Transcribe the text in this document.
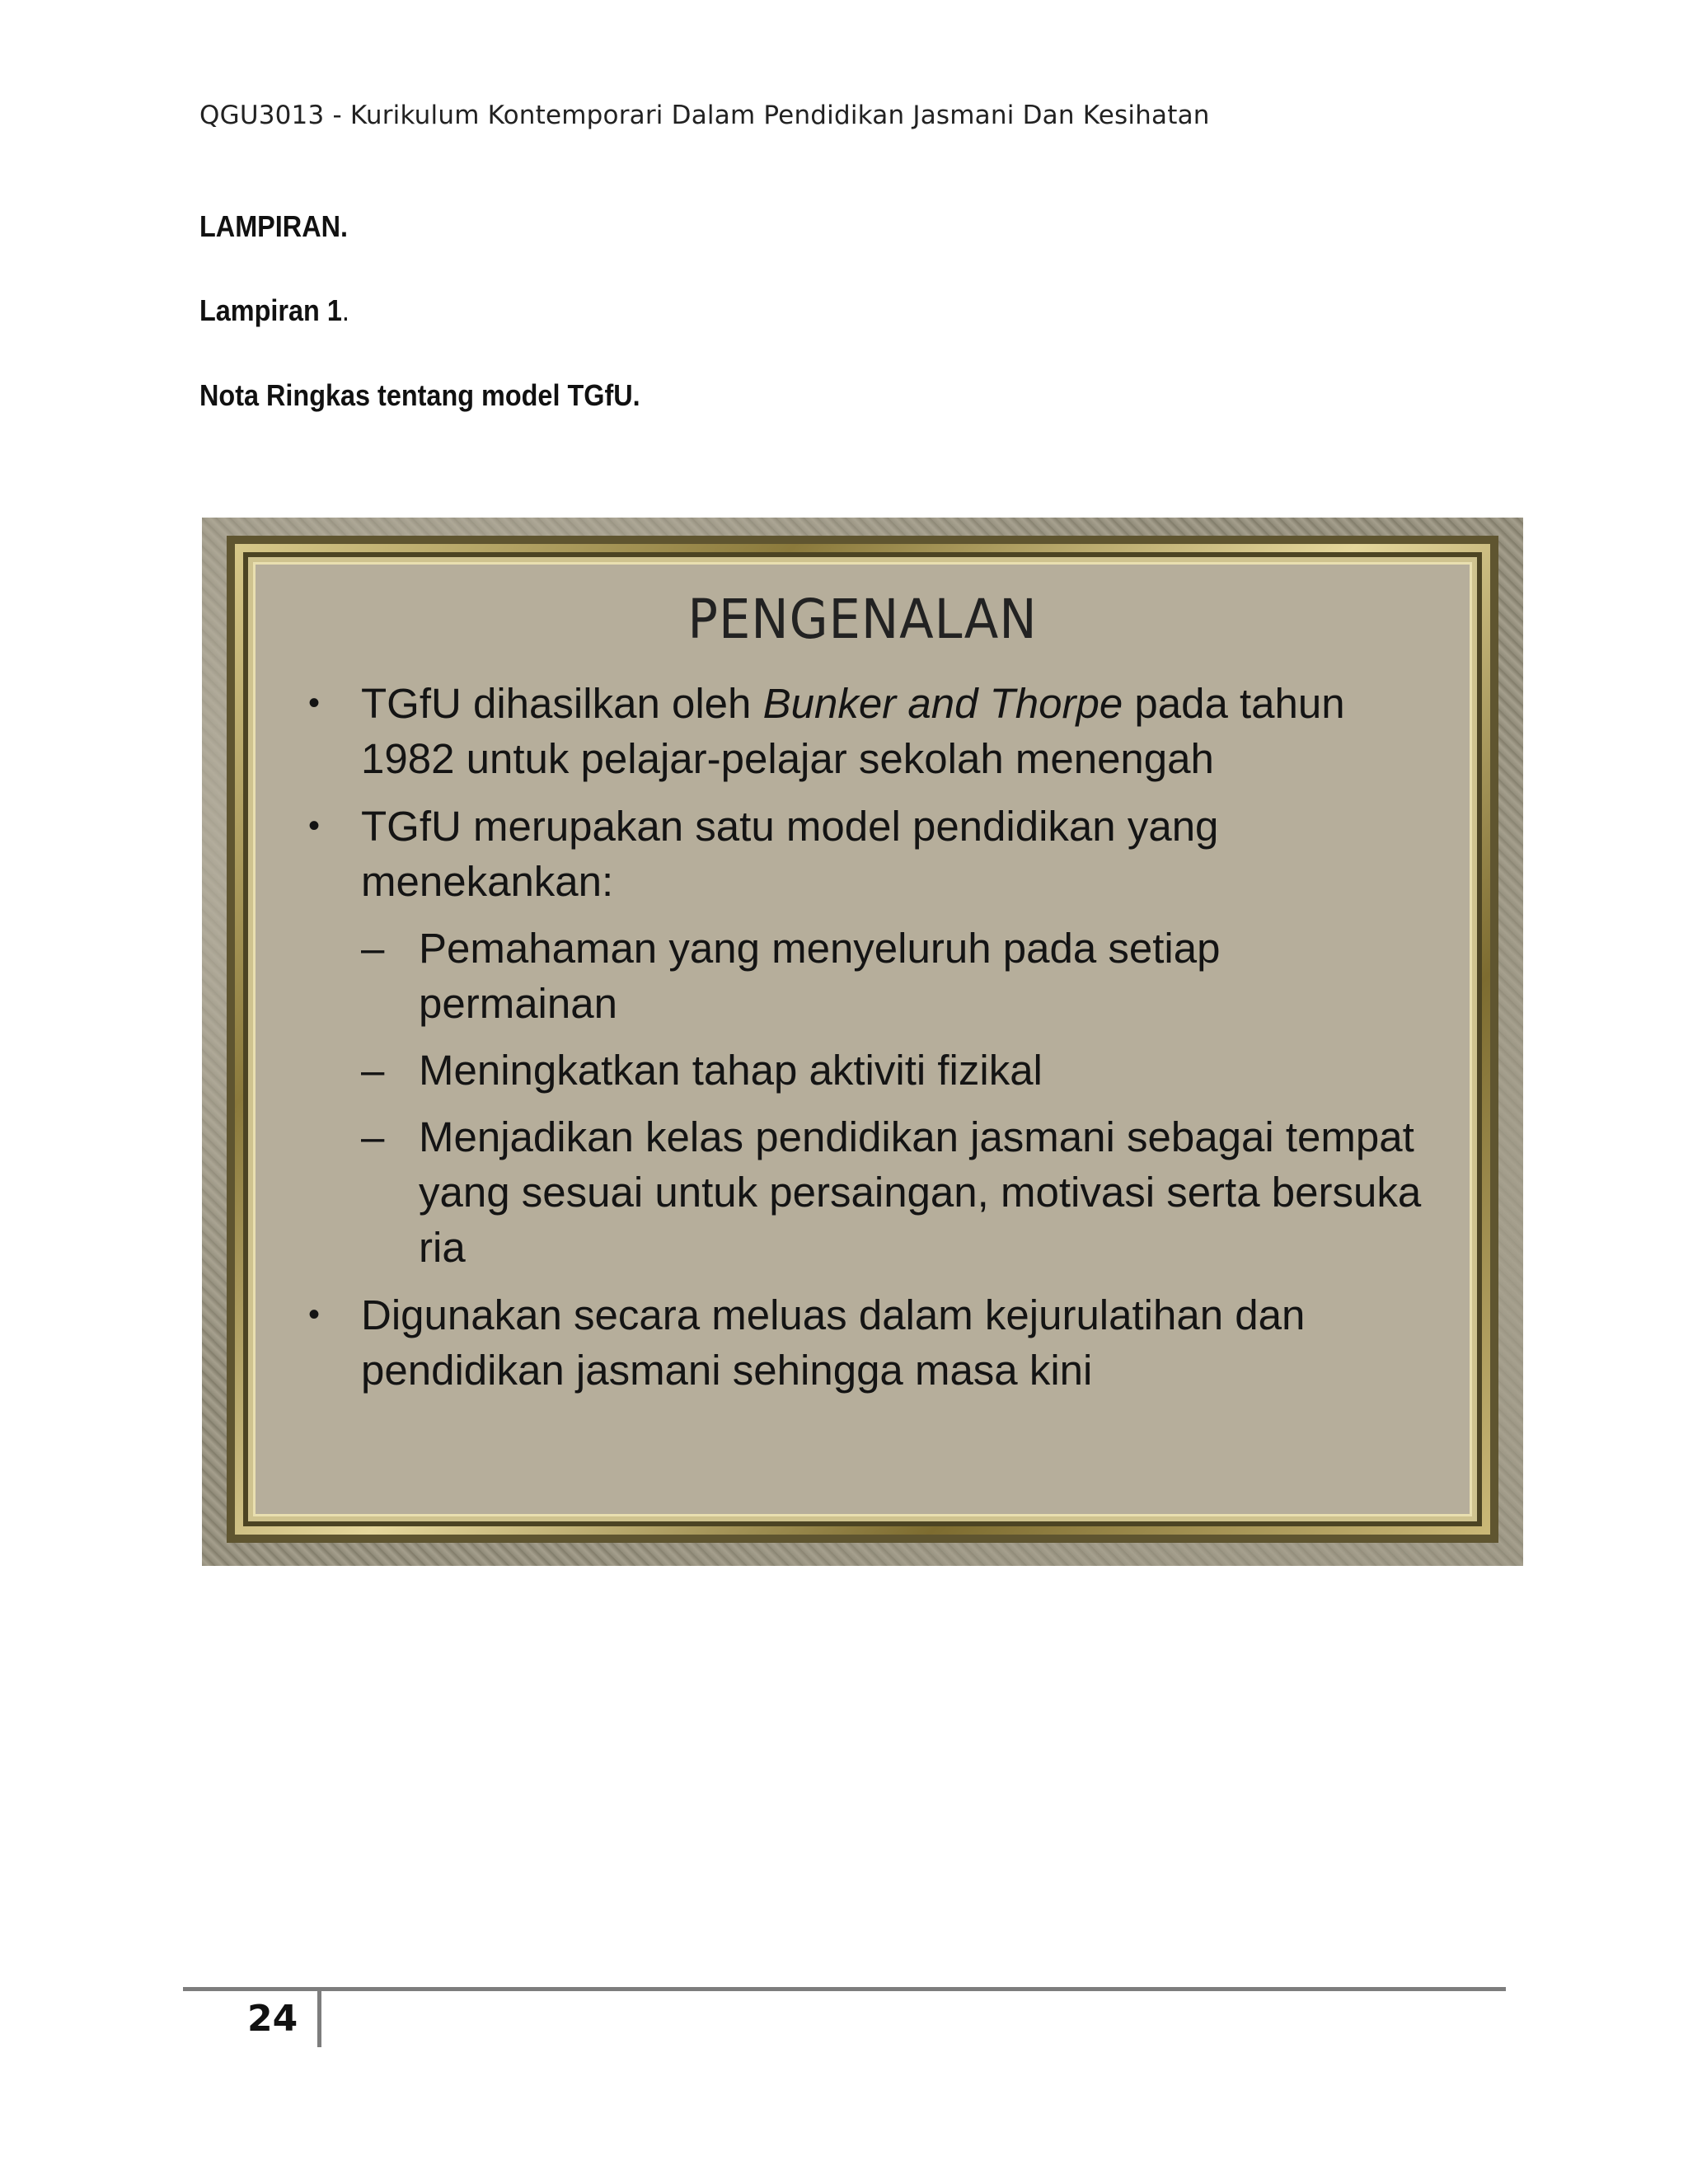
QGU3013 - Kurikulum Kontemporari Dalam Pendidikan Jasmani Dan Kesihatan
LAMPIRAN.
Lampiran 1.
Nota Ringkas tentang model TGfU.
PENGENALAN
• TGfU dihasilkan oleh Bunker and Thorpe pada tahun 1982 untuk pelajar-pelajar sekolah menengah
• TGfU merupakan satu model pendidikan yang menekankan:
– Pemahaman yang menyeluruh pada setiap permainan
– Meningkatkan tahap aktiviti fizikal
– Menjadikan kelas pendidikan jasmani sebagai tempat yang sesuai untuk persaingan, motivasi serta bersuka ria
• Digunakan secara meluas dalam kejurulatihan dan pendidikan jasmani sehingga masa kini
24
